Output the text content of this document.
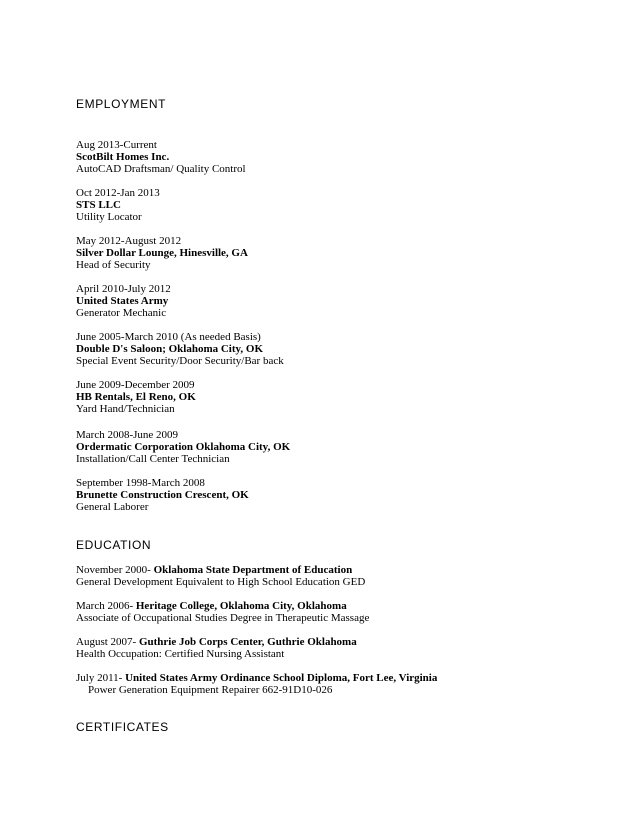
EMPLOYMENT
Aug 2013-Current
ScotBilt Homes Inc.
AutoCAD Draftsman/ Quality Control
Oct 2012-Jan 2013
STS LLC
Utility Locator
May 2012-August 2012
Silver Dollar Lounge, Hinesville, GA
Head of Security
April 2010-July 2012
United States Army
Generator Mechanic
June 2005-March 2010 (As needed Basis)
Double D's Saloon; Oklahoma City, OK
Special Event Security/Door Security/Bar back
June 2009-December 2009
HB Rentals, El Reno, OK
Yard Hand/Technician
March 2008-June 2009
Ordermatic Corporation Oklahoma City, OK
Installation/Call Center Technician
September 1998-March 2008
Brunette Construction Crescent, OK
General Laborer
EDUCATION
November 2000- Oklahoma State Department of Education
General Development Equivalent to High School Education GED
March 2006- Heritage College, Oklahoma City, Oklahoma
Associate of Occupational Studies Degree in Therapeutic Massage
August 2007- Guthrie Job Corps Center, Guthrie Oklahoma
Health Occupation: Certified Nursing Assistant
July 2011- United States Army Ordinance School Diploma, Fort Lee, Virginia
Power Generation Equipment Repairer 662-91D10-026
CERTIFICATES
